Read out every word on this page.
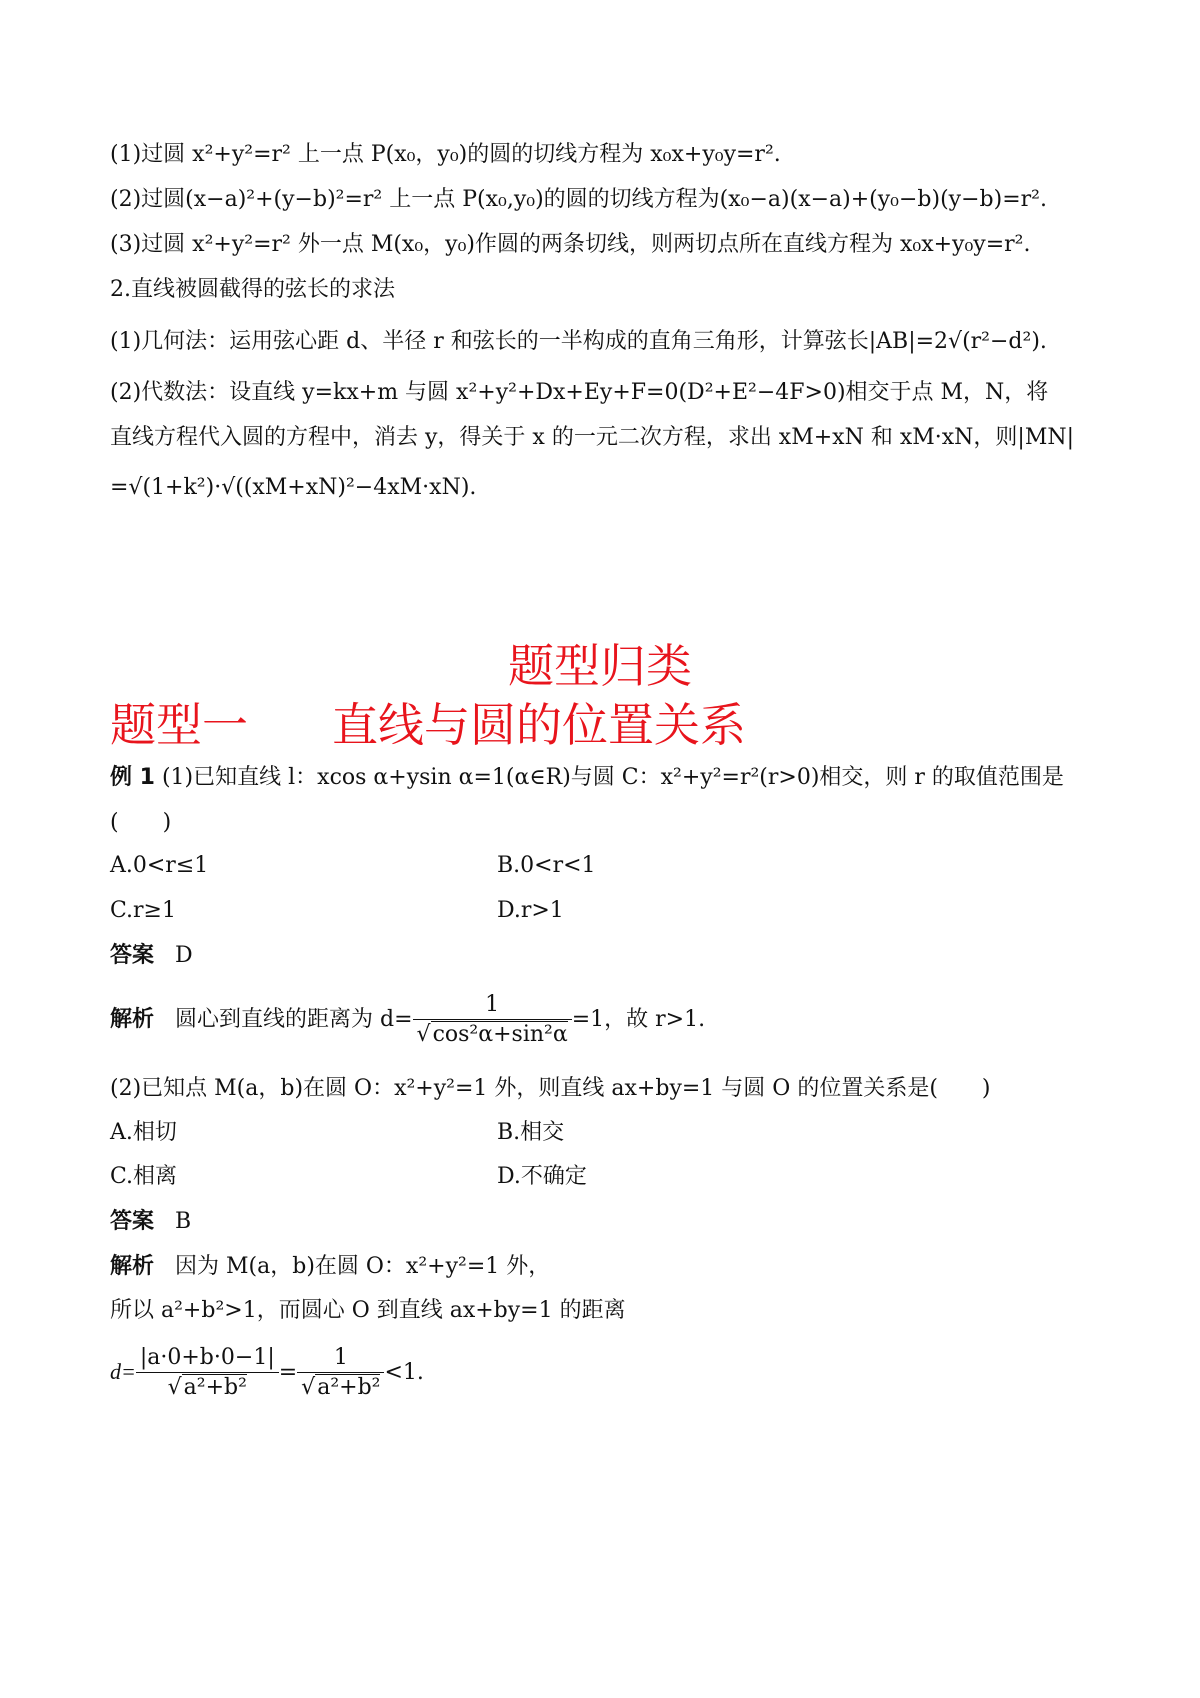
(1)过圆 x²+y²=r² 上一点 P(x₀，y₀)的圆的切线方程为 x₀x+y₀y=r².
(2)过圆(x−a)²+(y−b)²=r² 上一点 P(x₀,y₀)的圆的切线方程为(x₀−a)(x−a)+(y₀−b)(y−b)=r².
(3)过圆 x²+y²=r² 外一点 M(x₀，y₀)作圆的两条切线，则两切点所在直线方程为 x₀x+y₀y=r².
2.直线被圆截得的弦长的求法
(1)几何法：运用弦心距 d、半径 r 和弦长的一半构成的直角三角形，计算弦长|AB|=2√(r²−d²).
(2)代数法：设直线 y=kx+m 与圆 x²+y²+Dx+Ey+F=0(D²+E²−4F>0)相交于点 M，N，将
直线方程代入圆的方程中，消去 y，得关于 x 的一元二次方程，求出 xM+xN 和 xM·xN，则|MN|
=√(1+k²)·√((xM+xN)²−4xM·xN).
题型归类
题型一 直线与圆的位置关系
例 1 (1)已知直线 l：xcos α+ysin α=1(α∈R)与圆 C：x²+y²=r²(r>0)相交，则 r 的取值范围是
(　　)
A.0<r≤1	B.0<r<1
C.r≥1	D.r>1
答案 D
解析 圆心到直线的距离为 $d= \frac{1}{\text{√cos²α+sin²α}} =1$，故 r>1.
(2)已知点 M(a，b)在圆 O：x²+y²=1 外，则直线 ax+by=1 与圆 O 的位置关系是(　　)
A.相切	B.相交
C.相离	D.不确定
答案 B
解析 因为 M(a，b)在圆 O：x²+y²=1 外，
所以 a²+b²>1，而圆心 O 到直线 ax+by=1 的距离
$d= \frac{|a\cdot 0+b\cdot 0-1|}{\text{√a²+b²}} = \frac{1}{\text{√a²+b²}} <1$.
